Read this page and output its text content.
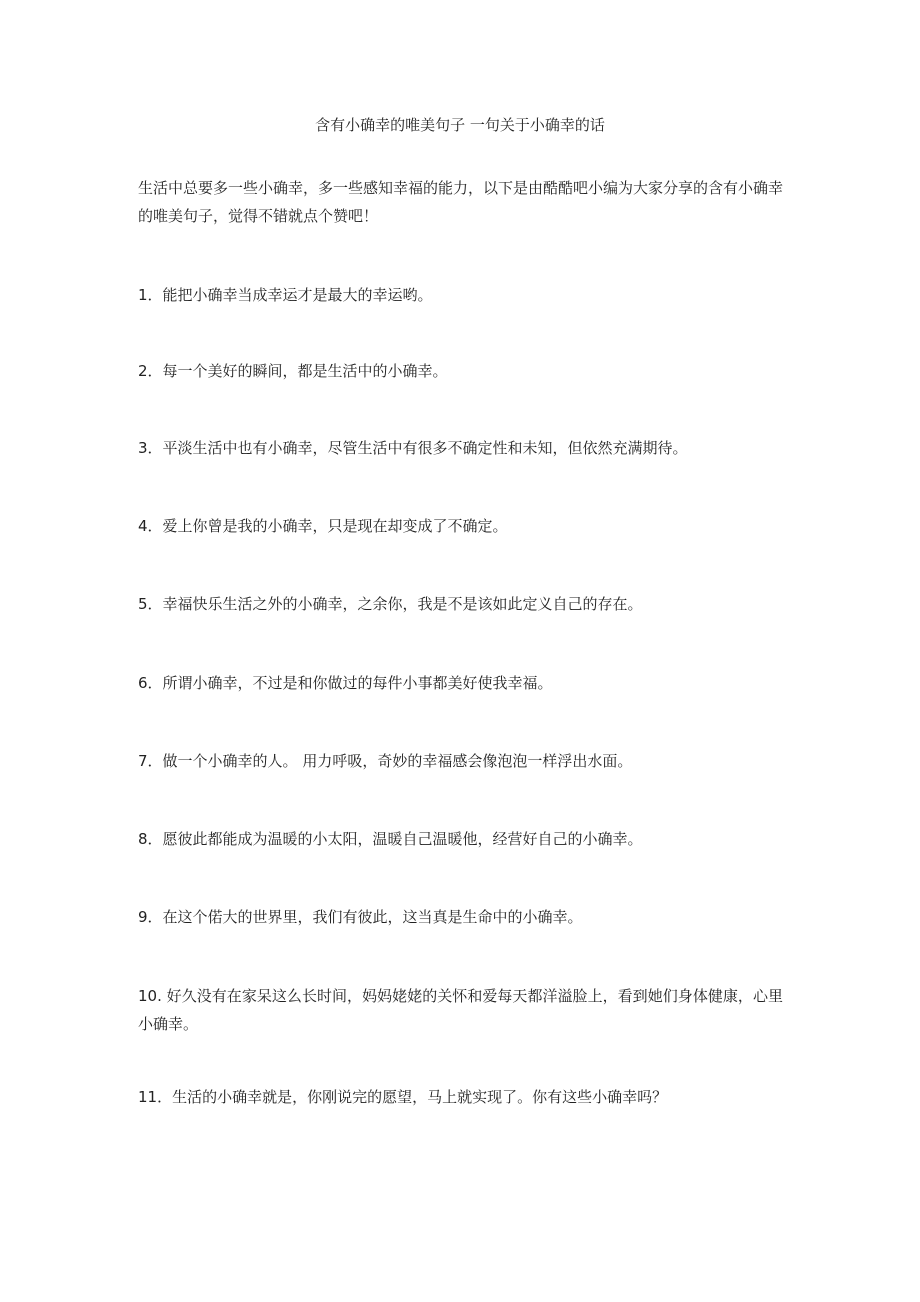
含有小确幸的唯美句子 一句关于小确幸的话
生活中总要多一些小确幸，多一些感知幸福的能力，以下是由酷酷吧小编为大家分享的含有小确幸的唯美句子，觉得不错就点个赞吧！
1．能把小确幸当成幸运才是最大的幸运哟。
2．每一个美好的瞬间，都是生活中的小确幸。
3．平淡生活中也有小确幸，尽管生活中有很多不确定性和未知，但依然充满期待。
4．爱上你曾是我的小确幸，只是现在却变成了不确定。
5．幸福快乐生活之外的小确幸，之余你，我是不是该如此定义自己的存在。
6．所谓小确幸，不过是和你做过的每件小事都美好使我幸福。
7．做一个小确幸的人。 用力呼吸，奇妙的幸福感会像泡泡一样浮出水面。
8．愿彼此都能成为温暖的小太阳，温暖自己温暖他，经营好自己的小确幸。
9．在这个偌大的世界里，我们有彼此，这当真是生命中的小确幸。
10. 好久没有在家呆这么长时间，妈妈姥姥的关怀和爱每天都洋溢脸上，看到她们身体健康，心里小确幸。
11．生活的小确幸就是，你刚说完的愿望，马上就实现了。你有这些小确幸吗？
